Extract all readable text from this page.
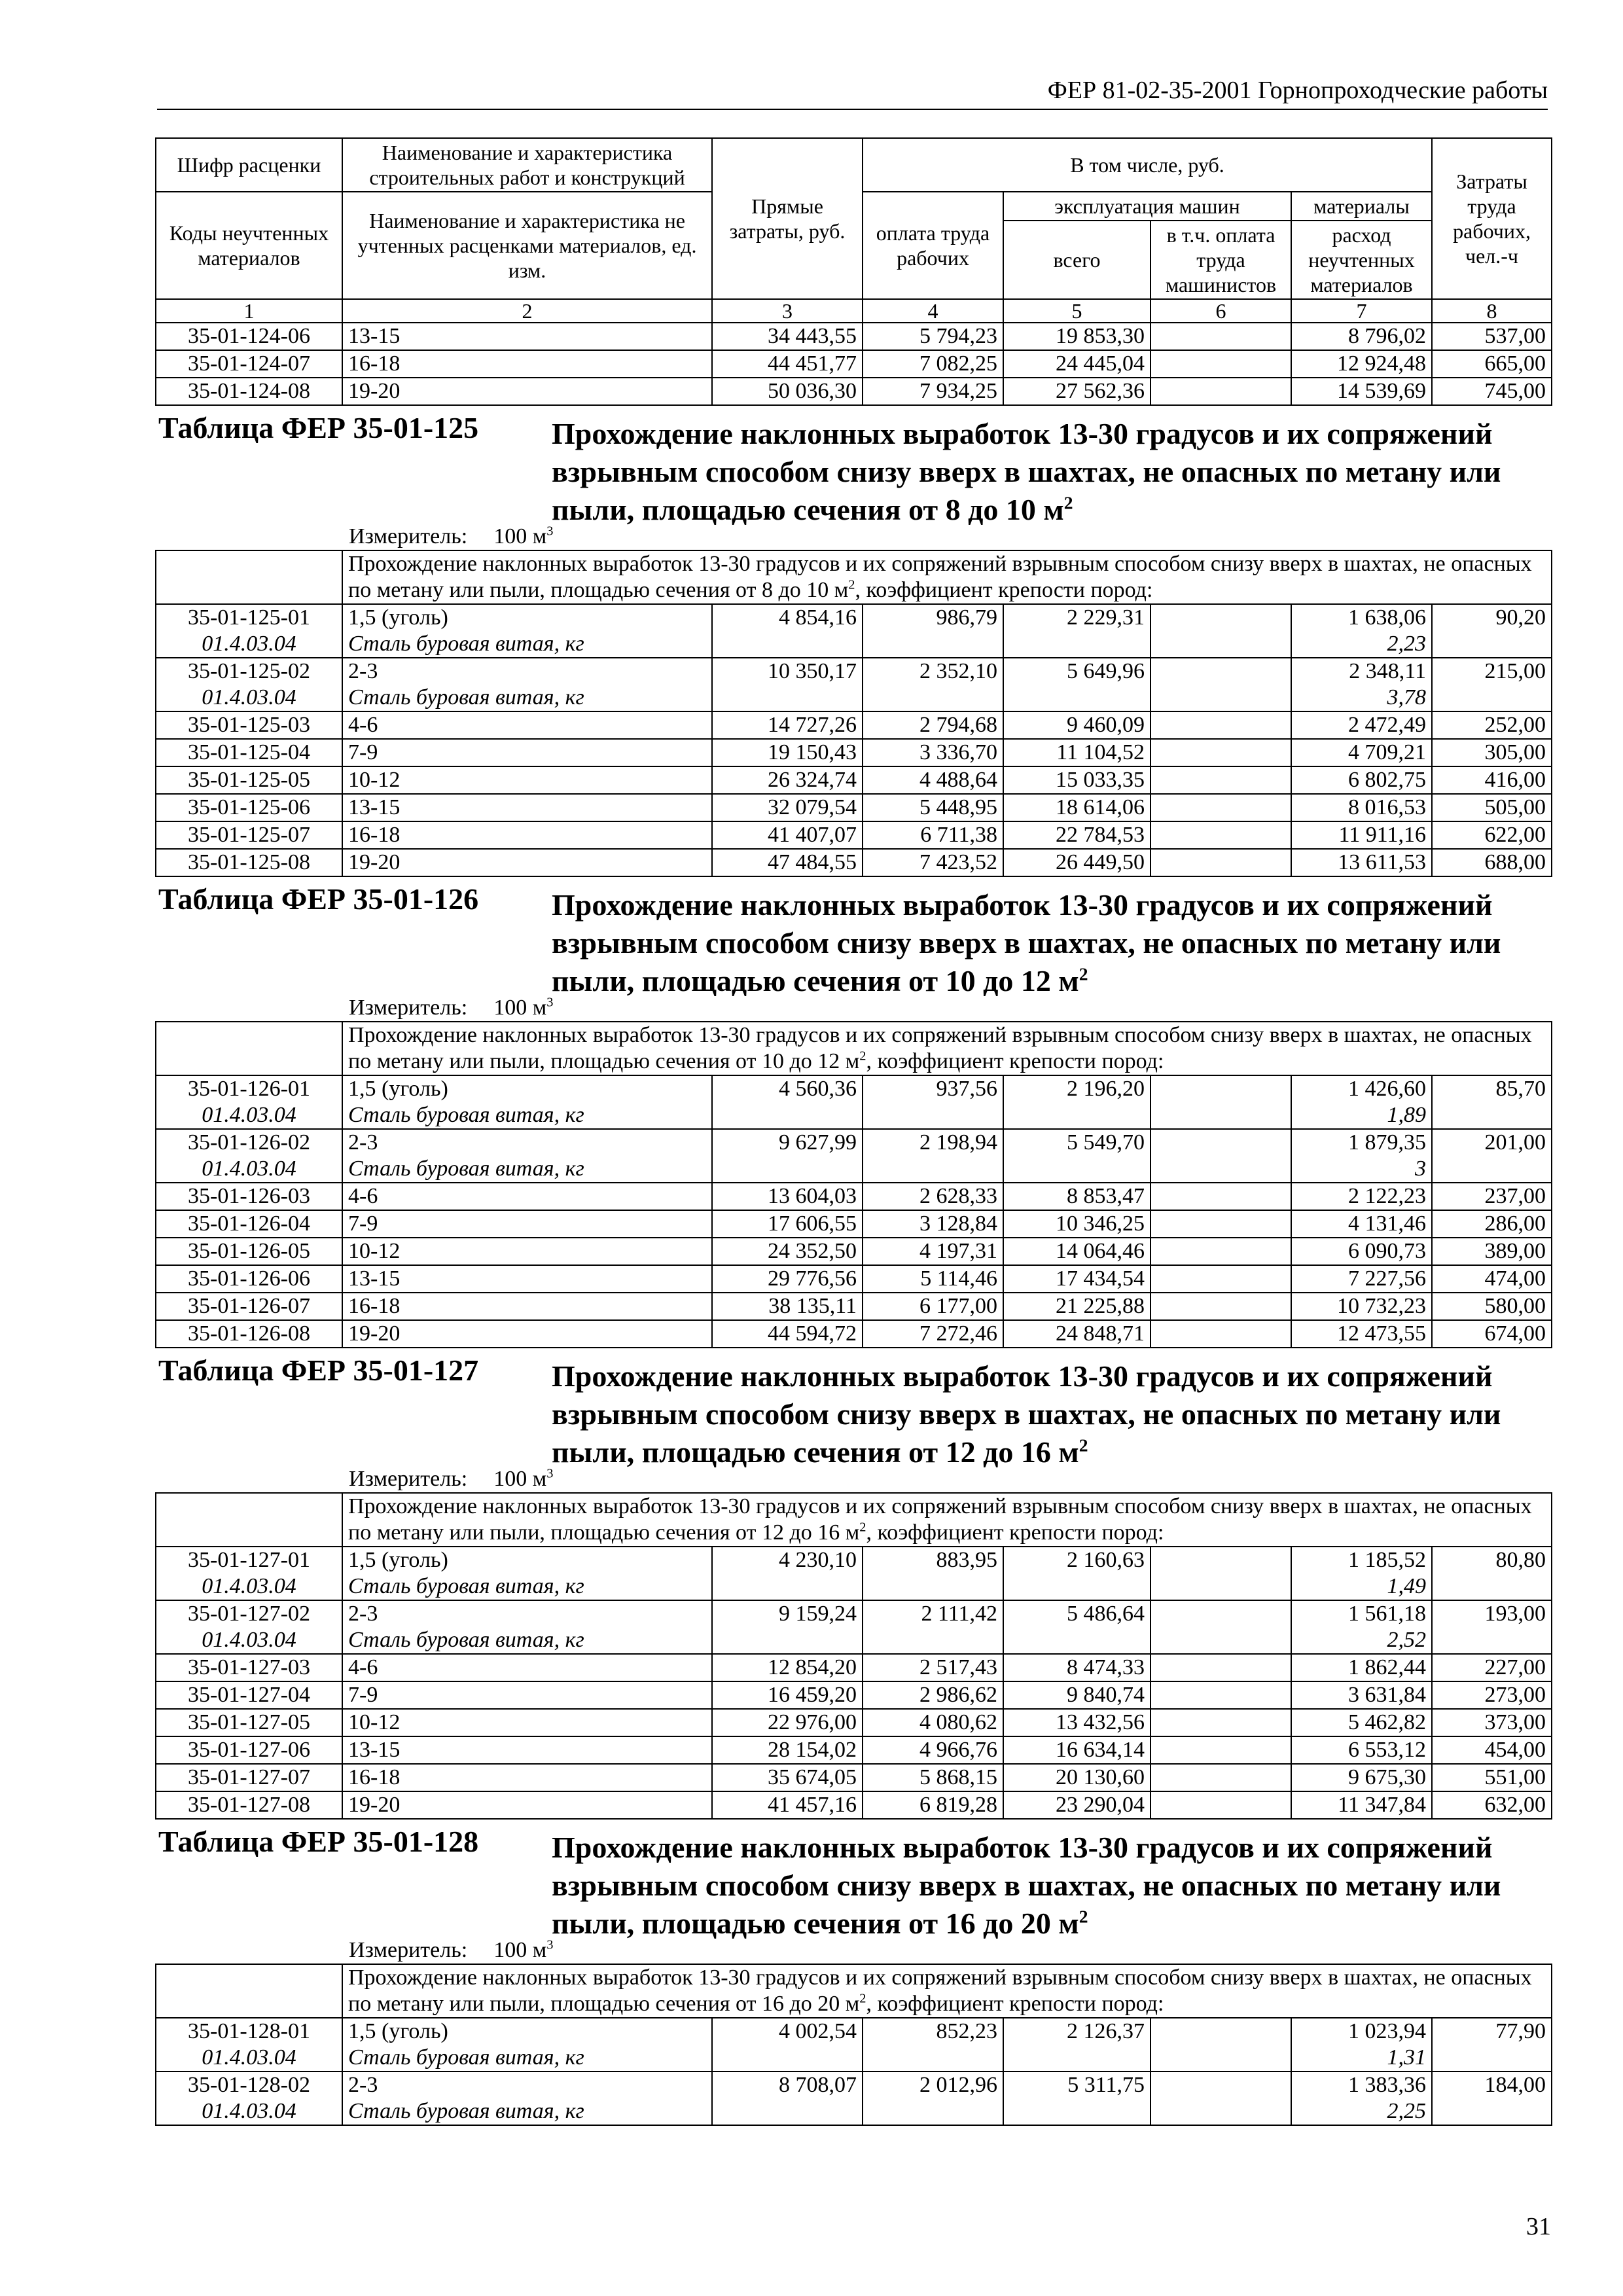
ФЕР 81-02-35-2001 Горнопроходческие работы
Шифр расценки	Наименование и характеристика строительных работ и конструкций	Прямые затраты, руб.	В том числе, руб.				Затраты труда рабочих, чел.-ч
Коды неучтенных материалов	Наименование и характеристика не учтенных расценками материалов, ед. изм.		оплата труда рабочих	эксплуатация машин		материалы	
				всего	в т.ч. оплата труда машинистов	расход неучтенных материалов	
1	2	3	4	5	6	7	8
35-01-124-06	13-15	34 443,55	5 794,23	19 853,30		8 796,02	537,00
35-01-124-07	16-18	44 451,77	7 082,25	24 445,04		12 924,48	665,00
35-01-124-08	19-20	50 036,30	7 934,25	27 562,36		14 539,69	745,00

Таблица ФЕР 35-01-125 Прохождение наклонных выработок 13-30 градусов и их сопряжений взрывным способом снизу вверх в шахтах, не опасных по метану или пыли, площадью сечения от 8 до 10 $м^2$
Измеритель: 100 $м^3$

	Прохождение наклонных выработок 13-30 градусов и их сопряжений взрывным способом снизу вверх в шахтах, не опасных по метану или пыли, площадью сечения от 8 до 10 $м^2$, коэффициент крепости пород:						
35-01-125-01	1,5 (уголь)	4 854,16	986,79	2 229,31		1 638,06	90,20
01.4.03.04	Сталь буровая витая, кг					2,23	
35-01-125-02	2-3	10 350,17	2 352,10	5 649,96		2 348,11	215,00
01.4.03.04	Сталь буровая витая, кг					3,78	
35-01-125-03	4-6	14 727,26	2 794,68	9 460,09		2 472,49	252,00
35-01-125-04	7-9	19 150,43	3 336,70	11 104,52		4 709,21	305,00
35-01-125-05	10-12	26 324,74	4 488,64	15 033,35		6 802,75	416,00
35-01-125-06	13-15	32 079,54	5 448,95	18 614,06		8 016,53	505,00
35-01-125-07	16-18	41 407,07	6 711,38	22 784,53		11 911,16	622,00
35-01-125-08	19-20	47 484,55	7 423,52	26 449,50		13 611,53	688,00

Таблица ФЕР 35-01-126 Прохождение наклонных выработок 13-30 градусов и их сопряжений взрывным способом снизу вверх в шахтах, не опасных по метану или пыли, площадью сечения от 10 до 12 $м^2$
Измеритель: 100 $м^3$

	Прохождение наклонных выработок 13-30 градусов и их сопряжений взрывным способом снизу вверх в шахтах, не опасных по метану или пыли, площадью сечения от 10 до 12 $м^2$, коэффициент крепости пород:						
35-01-126-01	1,5 (уголь)	4 560,36	937,56	2 196,20		1 426,60	85,70
01.4.03.04	Сталь буровая витая, кг					1,89	
35-01-126-02	2-3	9 627,99	2 198,94	5 549,70		1 879,35	201,00
01.4.03.04	Сталь буровая витая, кг					3	
35-01-126-03	4-6	13 604,03	2 628,33	8 853,47		2 122,23	237,00
35-01-126-04	7-9	17 606,55	3 128,84	10 346,25		4 131,46	286,00
35-01-126-05	10-12	24 352,50	4 197,31	14 064,46		6 090,73	389,00
35-01-126-06	13-15	29 776,56	5 114,46	17 434,54		7 227,56	474,00
35-01-126-07	16-18	38 135,11	6 177,00	21 225,88		10 732,23	580,00
35-01-126-08	19-20	44 594,72	7 272,46	24 848,71		12 473,55	674,00

Таблица ФЕР 35-01-127 Прохождение наклонных выработок 13-30 градусов и их сопряжений взрывным способом снизу вверх в шахтах, не опасных по метану или пыли, площадью сечения от 12 до 16 $м^2$
Измеритель: 100 $м^3$

	Прохождение наклонных выработок 13-30 градусов и их сопряжений взрывным способом снизу вверх в шахтах, не опасных по метану или пыли, площадью сечения от 12 до 16 $м^2$, коэффициент крепости пород:						
35-01-127-01	1,5 (уголь)	4 230,10	883,95	2 160,63		1 185,52	80,80
01.4.03.04	Сталь буровая витая, кг					1,49	
35-01-127-02	2-3	9 159,24	2 111,42	5 486,64		1 561,18	193,00
01.4.03.04	Сталь буровая витая, кг					2,52	
35-01-127-03	4-6	12 854,20	2 517,43	8 474,33		1 862,44	227,00
35-01-127-04	7-9	16 459,20	2 986,62	9 840,74		3 631,84	273,00
35-01-127-05	10-12	22 976,00	4 080,62	13 432,56		5 462,82	373,00
35-01-127-06	13-15	28 154,02	4 966,76	16 634,14		6 553,12	454,00
35-01-127-07	16-18	35 674,05	5 868,15	20 130,60		9 675,30	551,00
35-01-127-08	19-20	41 457,16	6 819,28	23 290,04		11 347,84	632,00

Таблица ФЕР 35-01-128 Прохождение наклонных выработок 13-30 градусов и их сопряжений взрывным способом снизу вверх в шахтах, не опасных по метану или пыли, площадью сечения от 16 до 20 $м^2$
Измеритель: 100 $м^3$

	Прохождение наклонных выработок 13-30 градусов и их сопряжений взрывным способом снизу вверх в шахтах, не опасных по метану или пыли, площадью сечения от 16 до 20 $м^2$, коэффициент крепости пород:						
35-01-128-01	1,5 (уголь)	4 002,54	852,23	2 126,37		1 023,94	77,90
01.4.03.04	Сталь буровая витая, кг					1,31	
35-01-128-02	2-3	8 708,07	2 012,96	5 311,75		1 383,36	184,00
01.4.03.04	Сталь буровая витая, кг					2,25	
31
